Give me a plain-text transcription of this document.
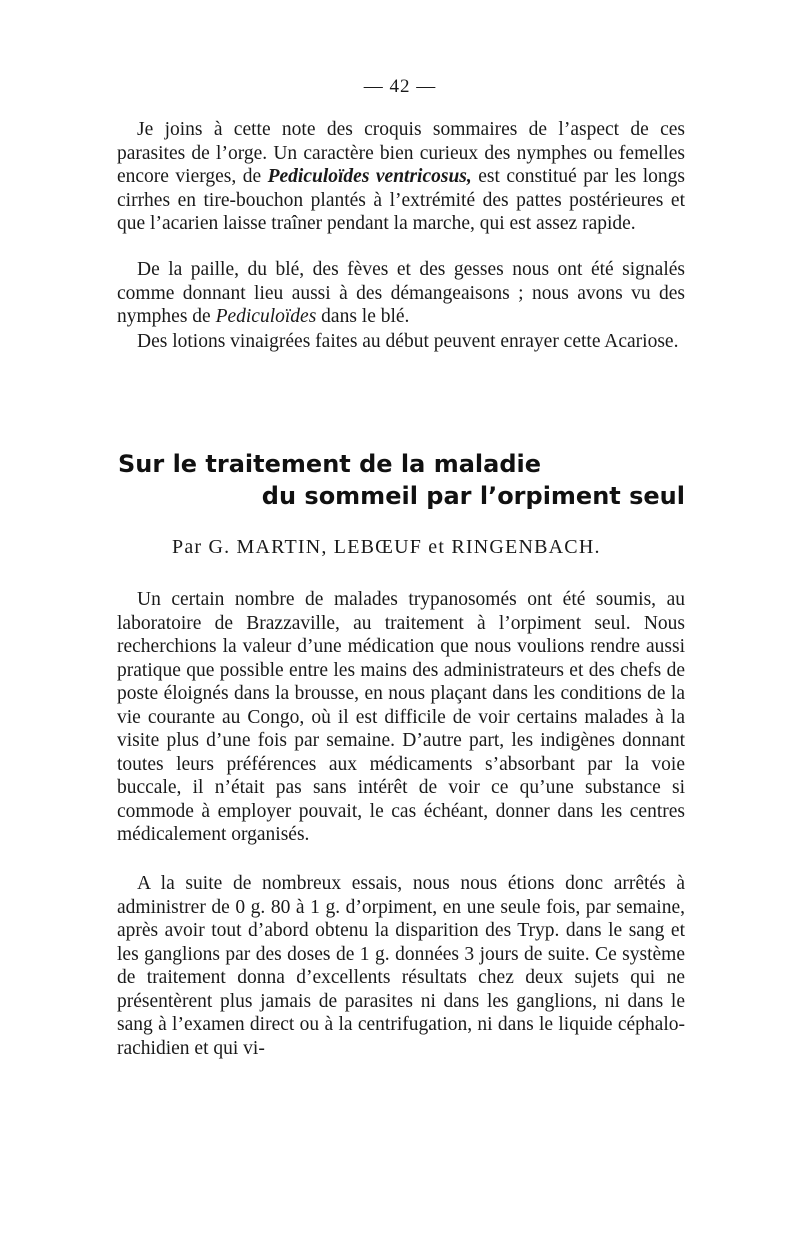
— 42 —

Je joins à cette note des croquis sommaires de l’aspect de ces parasites de l’orge. Un caractère bien curieux des nymphes ou femelles encore vierges, de Pediculoïdes ventricosus, est constitué par les longs cirrhes en tire-bouchon plantés à l’extrémité des pattes postérieures et que l’acarien laisse traîner pendant la marche, qui est assez rapide.

De la paille, du blé, des fèves et des gesses nous ont été signalés comme donnant lieu aussi à des démangeaisons ; nous avons vu des nymphes de Pediculoïdes dans le blé.

Des lotions vinaigrées faites au début peuvent enrayer cette Acariose.

Sur le traitement de la maladie
du sommeil par l’orpiment seul
Par G. MARTIN, LEBŒUF et RINGENBACH.

Un certain nombre de malades trypanosomés ont été soumis, au laboratoire de Brazzaville, au traitement à l’orpiment seul. Nous recherchions la valeur d’une médication que nous voulions rendre aussi pratique que possible entre les mains des administrateurs et des chefs de poste éloignés dans la brousse, en nous plaçant dans les conditions de la vie courante au Congo, où il est difficile de voir certains malades à la visite plus d’une fois par semaine. D’autre part, les indigènes donnant toutes leurs préférences aux médicaments s’absorbant par la voie buccale, il n’était pas sans intérêt de voir ce qu’une substance si commode à employer pouvait, le cas échéant, donner dans les centres médicalement organisés.

A la suite de nombreux essais, nous nous étions donc arrêtés à administrer de 0 g. 80 à 1 g. d’orpiment, en une seule fois, par semaine, après avoir tout d’abord obtenu la disparition des Tryp. dans le sang et les ganglions par des doses de 1 g. données 3 jours de suite. Ce système de traitement donna d’excellents résultats chez deux sujets qui ne présentèrent plus jamais de parasites ni dans les ganglions, ni dans le sang à l’examen direct ou à la centrifugation, ni dans le liquide céphalo-rachidien et qui vi-
